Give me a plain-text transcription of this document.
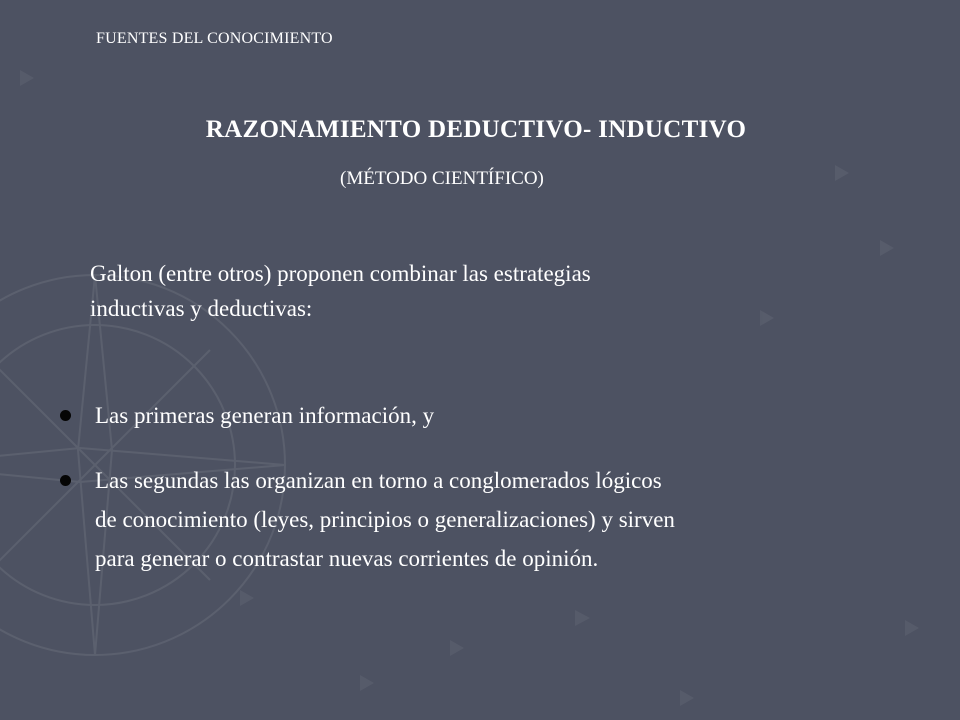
FUENTES DEL CONOCIMIENTO
RAZONAMIENTO DEDUCTIVO- INDUCTIVO
(MÉTODO CIENTÍFICO)
Galton (entre otros) proponen combinar las estrategias
inductivas y deductivas:
Las primeras generan información, y
Las segundas las organizan en torno a conglomerados lógicos
de conocimiento (leyes, principios o generalizaciones) y sirven
para generar o contrastar nuevas corrientes de opinión.
